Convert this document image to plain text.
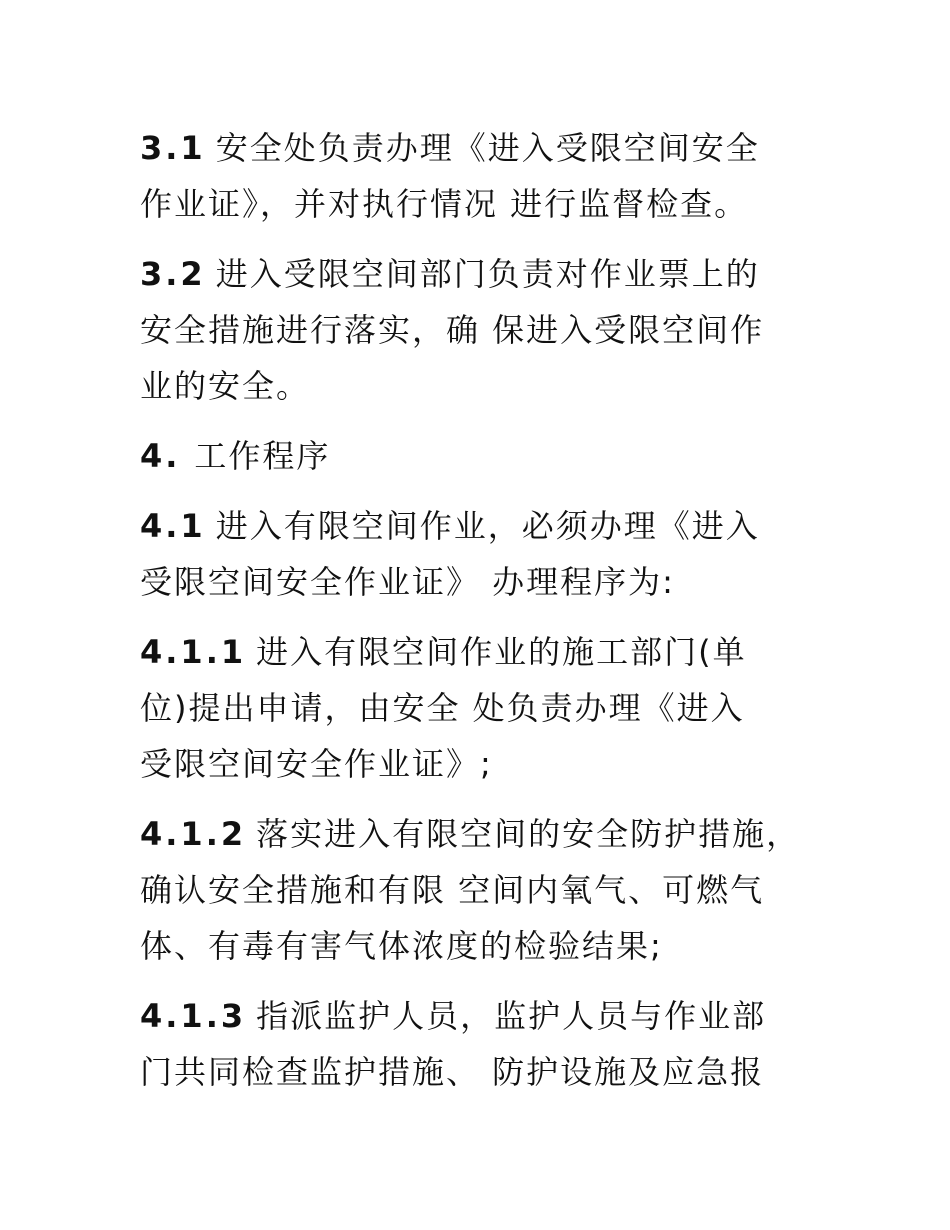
3.1 安全处负责办理《进入受限空间安全
作业证》，并对执行情况 进行监督检查。

3.2 进入受限空间部门负责对作业票上的
安全措施进行落实，确 保进入受限空间作
业的安全。

4. 工作程序

4.1 进入有限空间作业，必须办理《进入
受限空间安全作业证》 办理程序为:

4.1.1 进入有限空间作业的施工部门(单
位)提出申请，由安全 处负责办理《进入
受限空间安全作业证》;

4.1.2 落实进入有限空间的安全防护措施，
确认安全措施和有限 空间内氧气、可燃气
体、有毒有害气体浓度的检验结果;

4.1.3 指派监护人员，监护人员与作业部
门共同检查监护措施、 防护设施及应急报
